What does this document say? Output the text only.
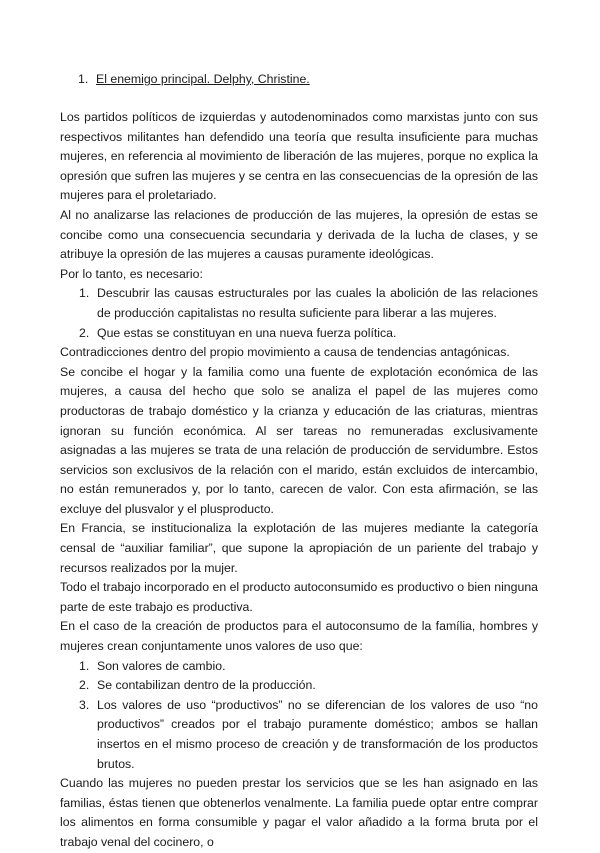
1. El enemigo principal. Delphy, Christine.

Los partidos políticos de izquierdas y autodenominados como marxistas junto con sus respectivos militantes han defendido una teoría que resulta insuficiente para muchas mujeres, en referencia al movimiento de liberación de las mujeres, porque no explica la opresión que sufren las mujeres y se centra en las consecuencias de la opresión de las mujeres para el proletariado.

Al no analizarse las relaciones de producción de las mujeres, la opresión de estas se concibe como una consecuencia secundaria y derivada de la lucha de clases, y se atribuye la opresión de las mujeres a causas puramente ideológicas.

Por lo tanto, es necesario:

1. Descubrir las causas estructurales por las cuales la abolición de las relaciones de producción capitalistas no resulta suficiente para liberar a las mujeres.
2. Que estas se constituyan en una nueva fuerza política.

Contradicciones dentro del propio movimiento a causa de tendencias antagónicas.

Se concibe el hogar y la familia como una fuente de explotación económica de las mujeres, a causa del hecho que solo se analiza el papel de las mujeres como productoras de trabajo doméstico y la crianza y educación de las criaturas, mientras ignoran su función económica. Al ser tareas no remuneradas exclusivamente asignadas a las mujeres se trata de una relación de producción de servidumbre. Estos servicios son exclusivos de la relación con el marido, están excluidos de intercambio, no están remunerados y, por lo tanto, carecen de valor. Con esta afirmación, se las excluye del plusvalor y el plusproducto.

En Francia, se institucionaliza la explotación de las mujeres mediante la categoría censal de “auxiliar familiar”, que supone la apropiación de un pariente del trabajo y recursos realizados por la mujer.

Todo el trabajo incorporado en el producto autoconsumido es productivo o bien ninguna parte de este trabajo es productiva.

En el caso de la creación de productos para el autoconsumo de la família, hombres y mujeres crean conjuntamente unos valores de uso que:

1. Son valores de cambio.
2. Se contabilizan dentro de la producción.
3. Los valores de uso “productivos” no se diferencian de los valores de uso “no productivos” creados por el trabajo puramente doméstico; ambos se hallan insertos en el mismo proceso de creación y de transformación de los productos brutos.

Cuando las mujeres no pueden prestar los servicios que se les han asignado en las familias, éstas tienen que obtenerlos venalmente. La familia puede optar entre comprar los alimentos en forma consumible y pagar el valor añadido a la forma bruta por el trabajo venal del cocinero, o
